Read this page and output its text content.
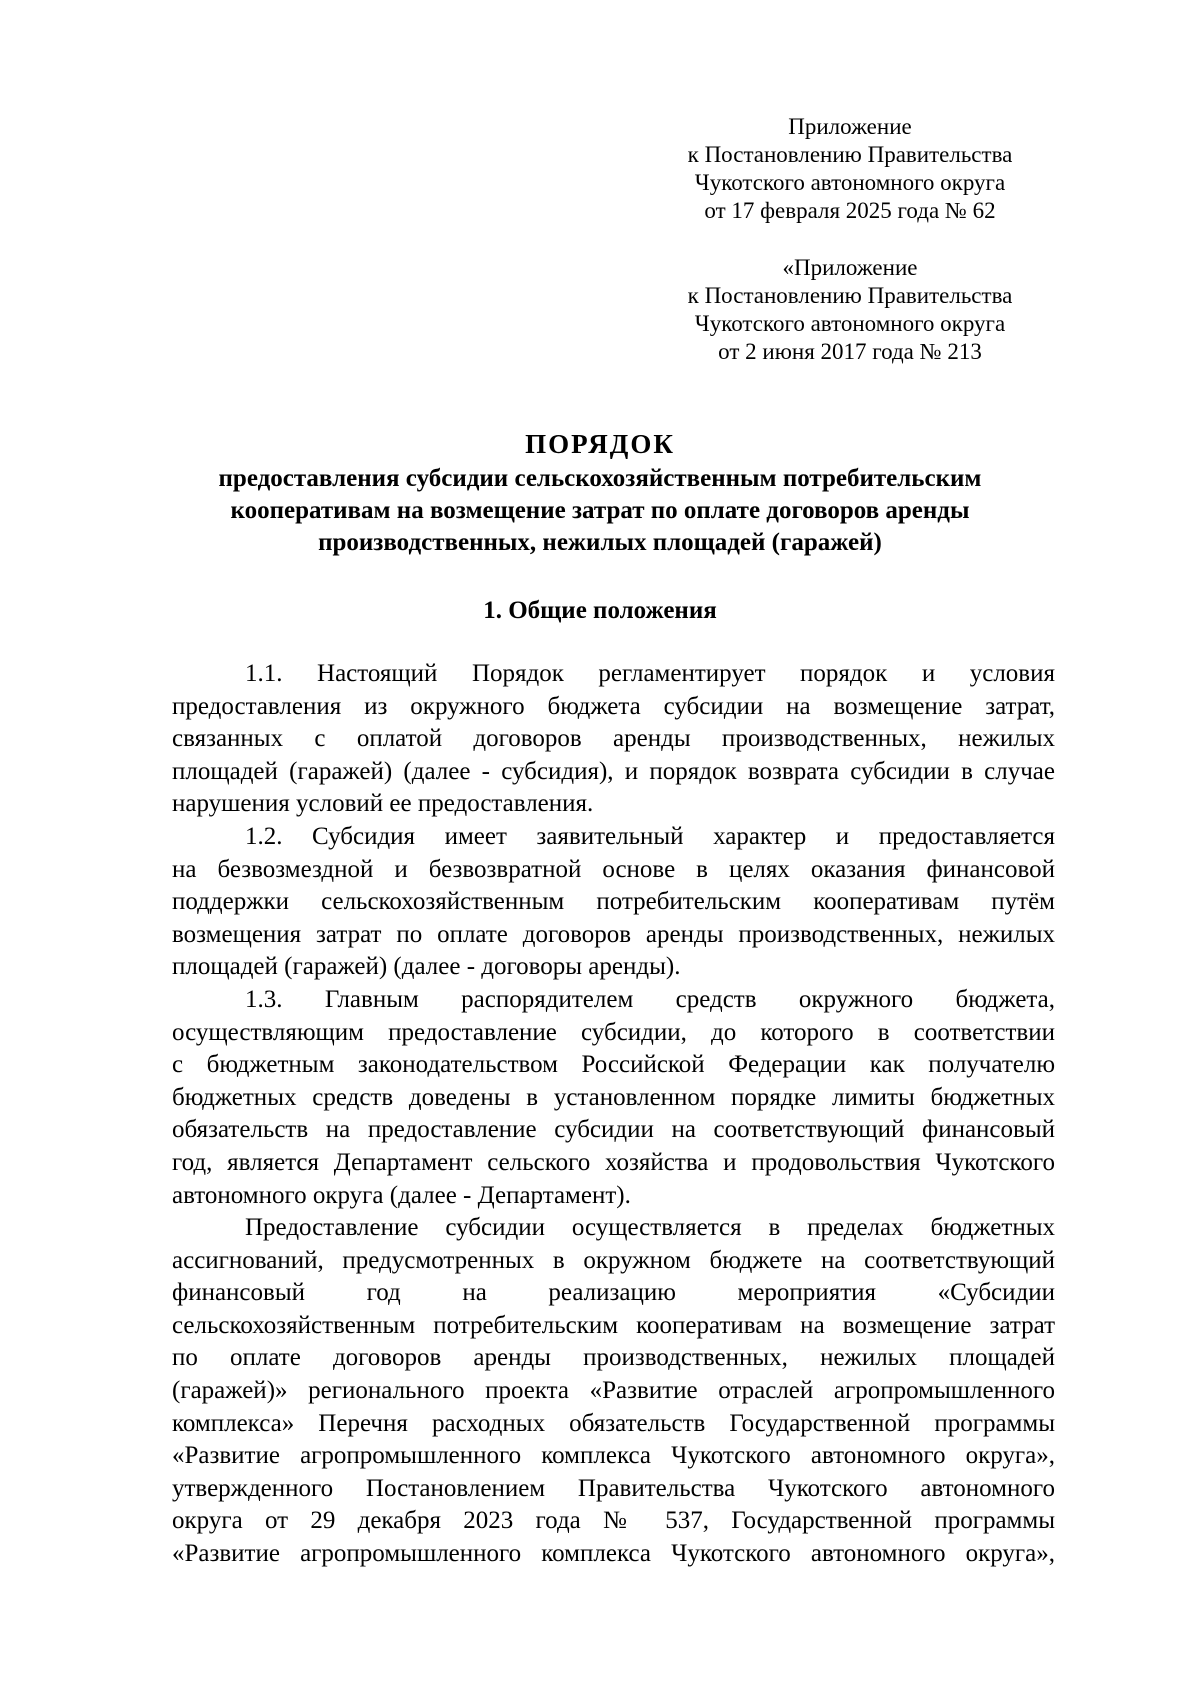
Приложение
к Постановлению Правительства
Чукотского автономного округа
от 17 февраля 2025 года № 62
«Приложение
к Постановлению Правительства
Чукотского автономного округа
от 2 июня 2017 года № 213
ПОРЯДОК
предоставления субсидии сельскохозяйственным потребительским
кооперативам на возмещение затрат по оплате договоров аренды
производственных, нежилых площадей (гаражей)
1. Общие положения
1.1. Настоящий Порядок регламентирует порядок и условия
предоставления из окружного бюджета субсидии на возмещение затрат,
связанных с оплатой договоров аренды производственных, нежилых
площадей (гаражей) (далее - субсидия), и порядок возврата субсидии в случае
нарушения условий ее предоставления.
1.2. Субсидия имеет заявительный характер и предоставляется
на безвозмездной и безвозвратной основе в целях оказания финансовой
поддержки сельскохозяйственным потребительским кооперативам путём
возмещения затрат по оплате договоров аренды производственных, нежилых
площадей (гаражей) (далее - договоры аренды).
1.3. Главным распорядителем средств окружного бюджета,
осуществляющим предоставление субсидии, до которого в соответствии
с бюджетным законодательством Российской Федерации как получателю
бюджетных средств доведены в установленном порядке лимиты бюджетных
обязательств на предоставление субсидии на соответствующий финансовый
год, является Департамент сельского хозяйства и продовольствия Чукотского
автономного округа (далее - Департамент).
Предоставление субсидии осуществляется в пределах бюджетных
ассигнований, предусмотренных в окружном бюджете на соответствующий
финансовый год на реализацию мероприятия «Субсидии
сельскохозяйственным потребительским кооперативам на возмещение затрат
по оплате договоров аренды производственных, нежилых площадей
(гаражей)» регионального проекта «Развитие отраслей агропромышленного
комплекса» Перечня расходных обязательств Государственной программы
«Развитие агропромышленного комплекса Чукотского автономного округа»,
утвержденного Постановлением Правительства Чукотского автономного
округа от 29 декабря 2023 года № 537, Государственной программы
«Развитие агропромышленного комплекса Чукотского автономного округа»,
